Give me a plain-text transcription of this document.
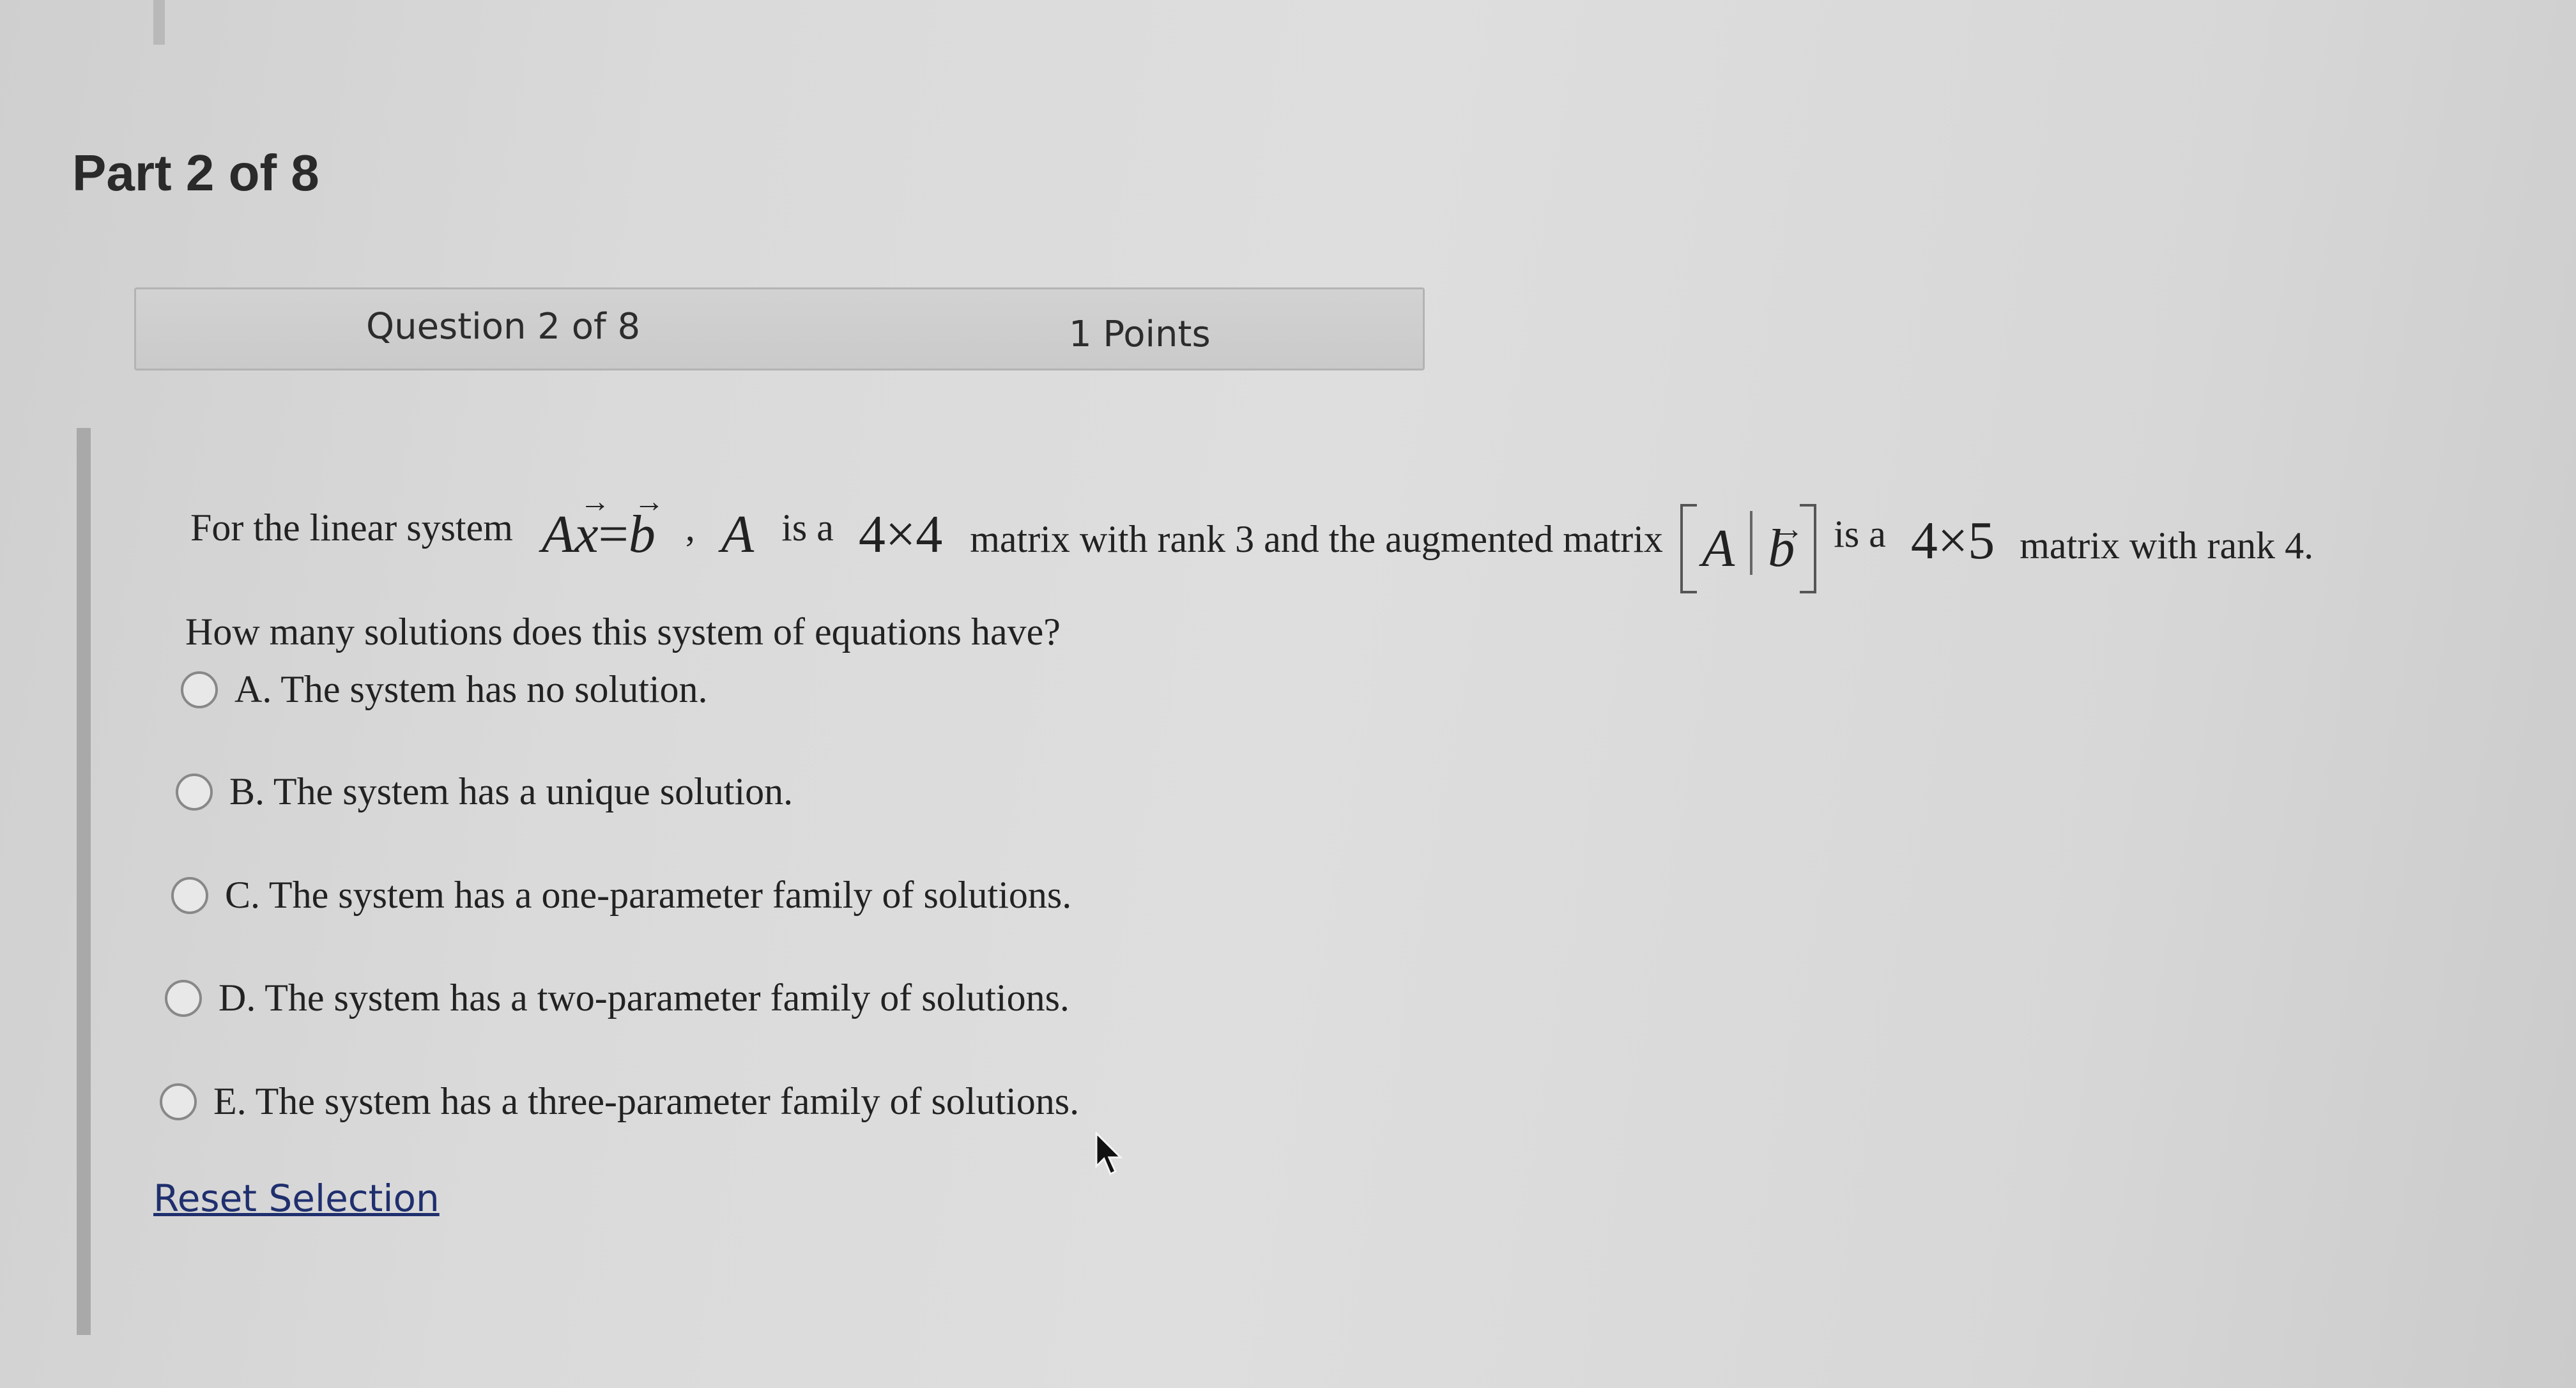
Part 2 of 8
Question 2 of 8	1 Points
For the linear system A→ x=→ b , A is a 4×4 matrix with rank 3 and the augmented matrix A→ b is a 4×5 matrix with rank 4.

How many solutions does this system of equations have?

A. The system has no solution.
B. The system has a unique solution.
C. The system has a one-parameter family of solutions.
D. The system has a two-parameter family of solutions.
E. The system has a three-parameter family of solutions.
Reset Selection
